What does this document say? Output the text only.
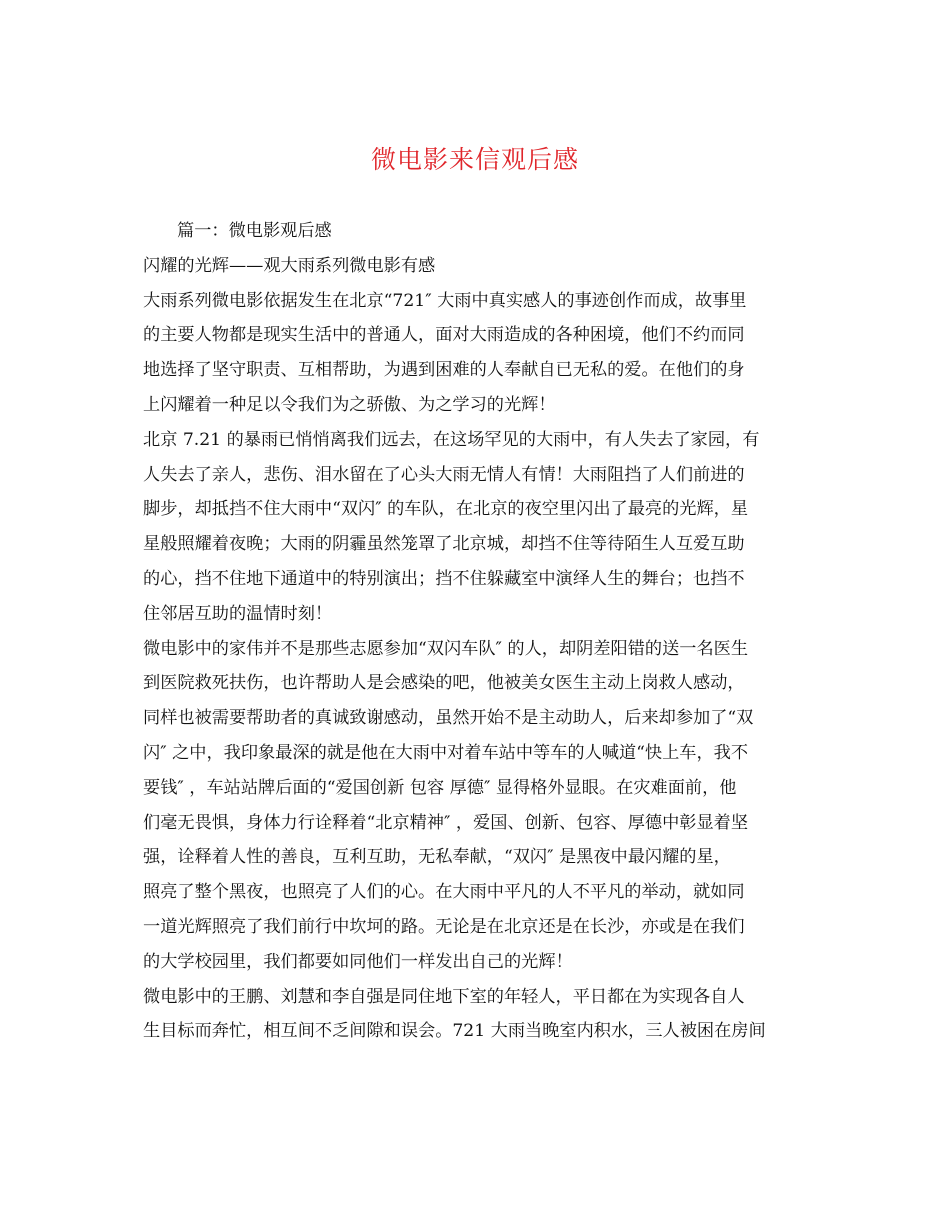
微电影来信观后感
篇一：微电影观后感
闪耀的光辉——观大雨系列微电影有感
大雨系列微电影依据发生在北京“721″ 大雨中真实感人的事迹创作而成，故事里
的主要人物都是现实生活中的普通人，面对大雨造成的各种困境，他们不约而同
地选择了坚守职责、互相帮助，为遇到困难的人奉献自已无私的爱。在他们的身
上闪耀着一种足以令我们为之骄傲、为之学习的光辉！
北京 7.21 的暴雨已悄悄离我们远去，在这场罕见的大雨中，有人失去了家园，有
人失去了亲人，悲伤、泪水留在了心头大雨无情人有情！大雨阻挡了人们前进的
脚步，却抵挡不住大雨中“双闪″ 的车队，在北京的夜空里闪出了最亮的光辉，星
星般照耀着夜晚；大雨的阴霾虽然笼罩了北京城，却挡不住等待陌生人互爱互助
的心，挡不住地下通道中的特别演出；挡不住躲藏室中演绎人生的舞台；也挡不
住邻居互助的温情时刻！
微电影中的家伟并不是那些志愿参加“双闪车队″ 的人，却阴差阳错的送一名医生
到医院救死扶伤，也许帮助人是会感染的吧，他被美女医生主动上岗救人感动，
同样也被需要帮助者的真诚致谢感动，虽然开始不是主动助人，后来却参加了“双
闪″ 之中，我印象最深的就是他在大雨中对着车站中等车的人喊道“快上车，我不
要钱″ ，车站站牌后面的“爱国创新 包容 厚德″ 显得格外显眼。在灾难面前，他
们毫无畏惧，身体力行诠释着“北京精神″ ，爱国、创新、包容、厚德中彰显着坚
强，诠释着人性的善良，互利互助，无私奉献，“双闪″ 是黑夜中最闪耀的星，
照亮了整个黑夜，也照亮了人们的心。在大雨中平凡的人不平凡的举动，就如同
一道光辉照亮了我们前行中坎坷的路。无论是在北京还是在长沙，亦或是在我们
的大学校园里，我们都要如同他们一样发出自己的光辉！
微电影中的王鹏、刘慧和李自强是同住地下室的年轻人，平日都在为实现各自人
生目标而奔忙，相互间不乏间隙和误会。721 大雨当晚室内积水，三人被困在房间
